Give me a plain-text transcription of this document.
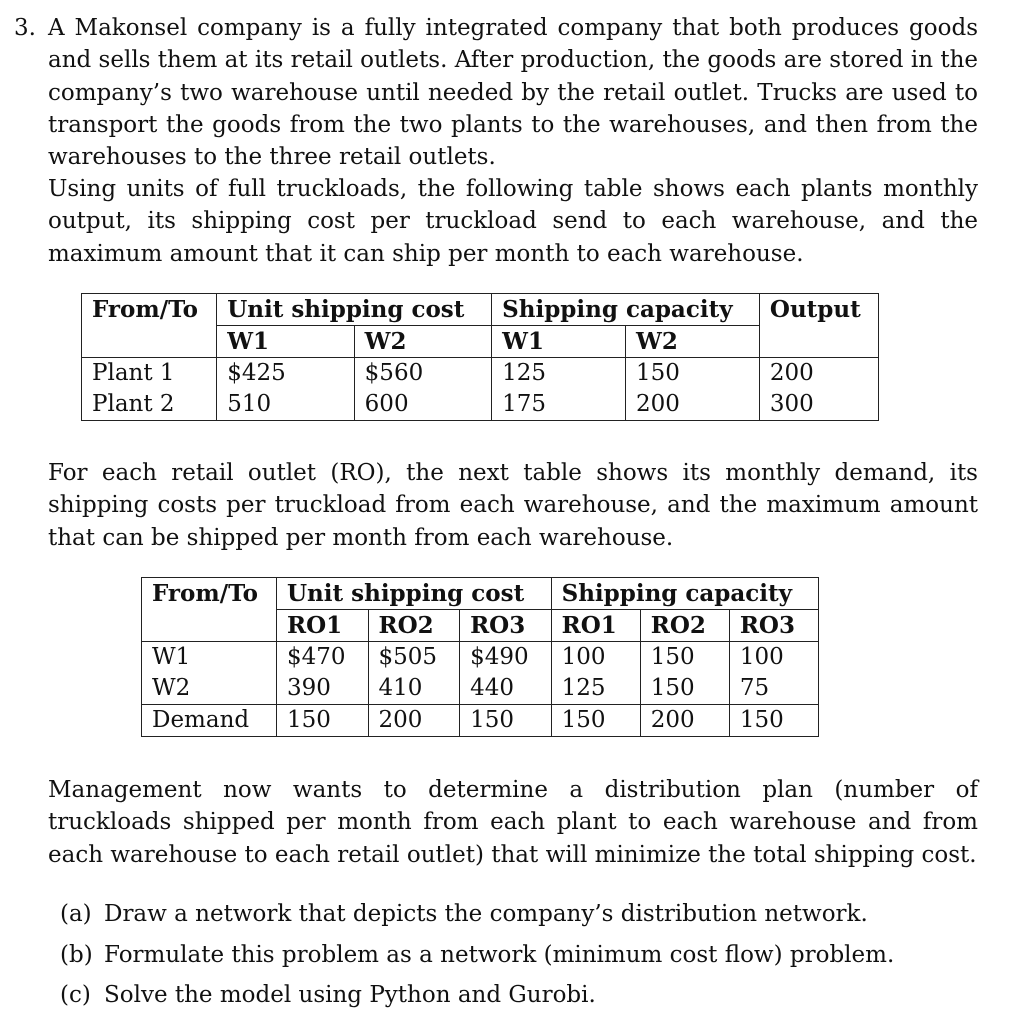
3. A Makonsel company is a fully integrated company that both produces goods and sells them at its retail outlets. After production, the goods are stored in the company’s two warehouse until needed by the retail outlet. Trucks are used to transport the goods from the two plants to the warehouses, and then from the warehouses to the three retail outlets.

Using units of full truckloads, the following table shows each plants monthly output, its shipping cost per truckload send to each warehouse, and the maximum amount that it can ship per month to each warehouse.

From/To	Unit shipping cost		Shipping capacity		Output
	W1	W2	W1	W2	
Plant 1	$425	$560	125	150	200
Plant 2	510	600	175	200	300

For each retail outlet (RO), the next table shows its monthly demand, its shipping costs per truckload from each warehouse, and the maximum amount that can be shipped per month from each warehouse.

From/To	Unit shipping cost			Shipping capacity		
	RO1	RO2	RO3	RO1	RO2	RO3
W1	$470	$505	$490	100	150	100
W2	390	410	440	125	150	75
Demand	150	200	150	150	200	150

Management now wants to determine a distribution plan (number of truckloads shipped per month from each plant to each warehouse and from each warehouse to each retail outlet) that will minimize the total shipping cost.

(a) Draw a network that depicts the company’s distribution network.
(b) Formulate this problem as a network (minimum cost flow) problem.
(c) Solve the model using Python and Gurobi.
